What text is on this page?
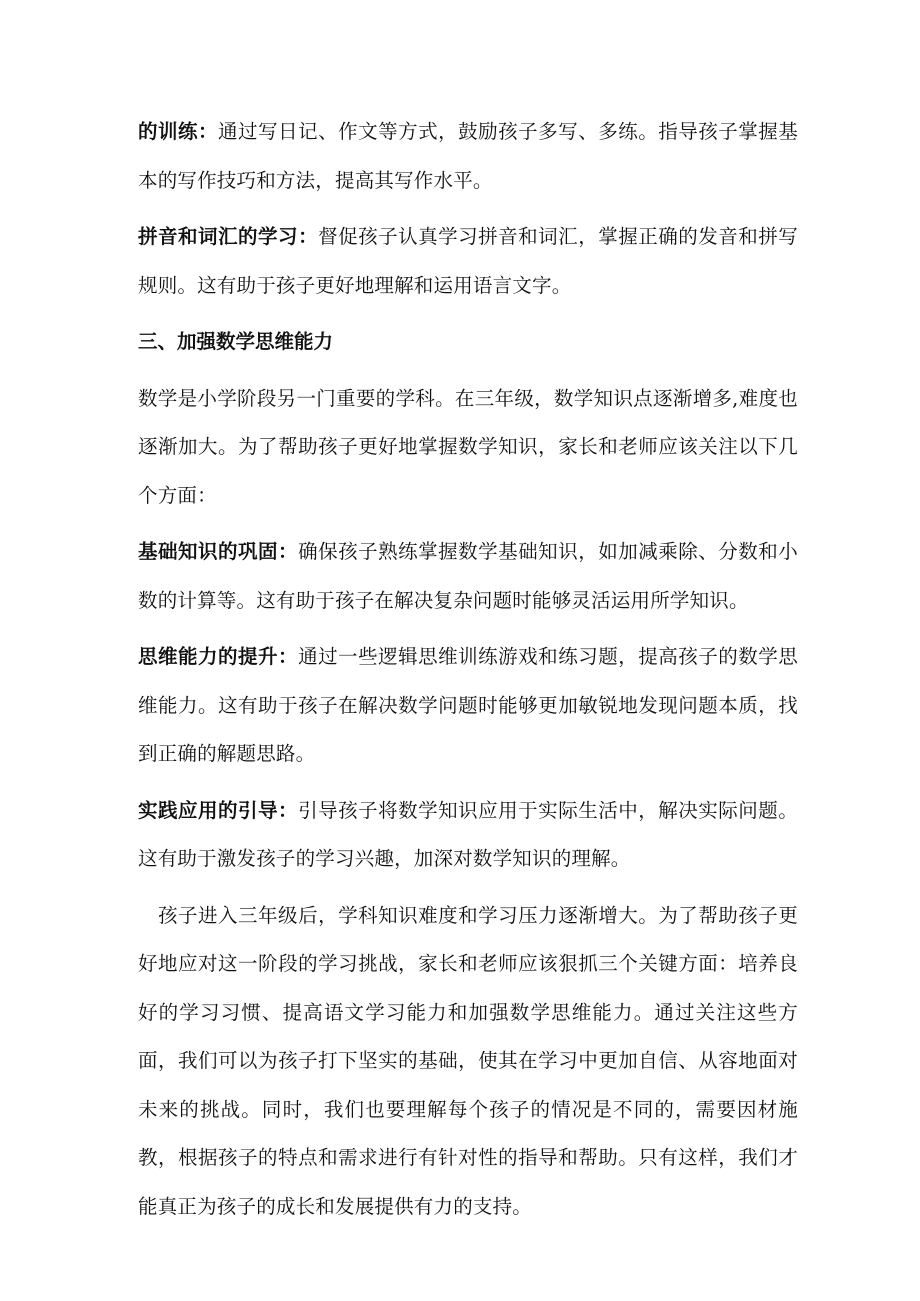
的训练：通过写日记、作文等方式，鼓励孩子多写、多练。指导孩子掌握基本的写作技巧和方法，提高其写作水平。

拼音和词汇的学习：督促孩子认真学习拼音和词汇，掌握正确的发音和拼写规则。这有助于孩子更好地理解和运用语言文字。

三、加强数学思维能力

数学是小学阶段另一门重要的学科。在三年级，数学知识点逐渐增多,难度也逐渐加大。为了帮助孩子更好地掌握数学知识，家长和老师应该关注以下几个方面：

基础知识的巩固：确保孩子熟练掌握数学基础知识，如加减乘除、分数和小数的计算等。这有助于孩子在解决复杂问题时能够灵活运用所学知识。

思维能力的提升：通过一些逻辑思维训练游戏和练习题，提高孩子的数学思维能力。这有助于孩子在解决数学问题时能够更加敏锐地发现问题本质，找到正确的解题思路。

实践应用的引导：引导孩子将数学知识应用于实际生活中，解决实际问题。这有助于激发孩子的学习兴趣，加深对数学知识的理解。

孩子进入三年级后，学科知识难度和学习压力逐渐增大。为了帮助孩子更好地应对这一阶段的学习挑战，家长和老师应该狠抓三个关键方面：培养良好的学习习惯、提高语文学习能力和加强数学思维能力。通过关注这些方面，我们可以为孩子打下坚实的基础，使其在学习中更加自信、从容地面对未来的挑战。同时，我们也要理解每个孩子的情况是不同的，需要因材施教，根据孩子的特点和需求进行有针对性的指导和帮助。只有这样，我们才能真正为孩子的成长和发展提供有力的支持。
